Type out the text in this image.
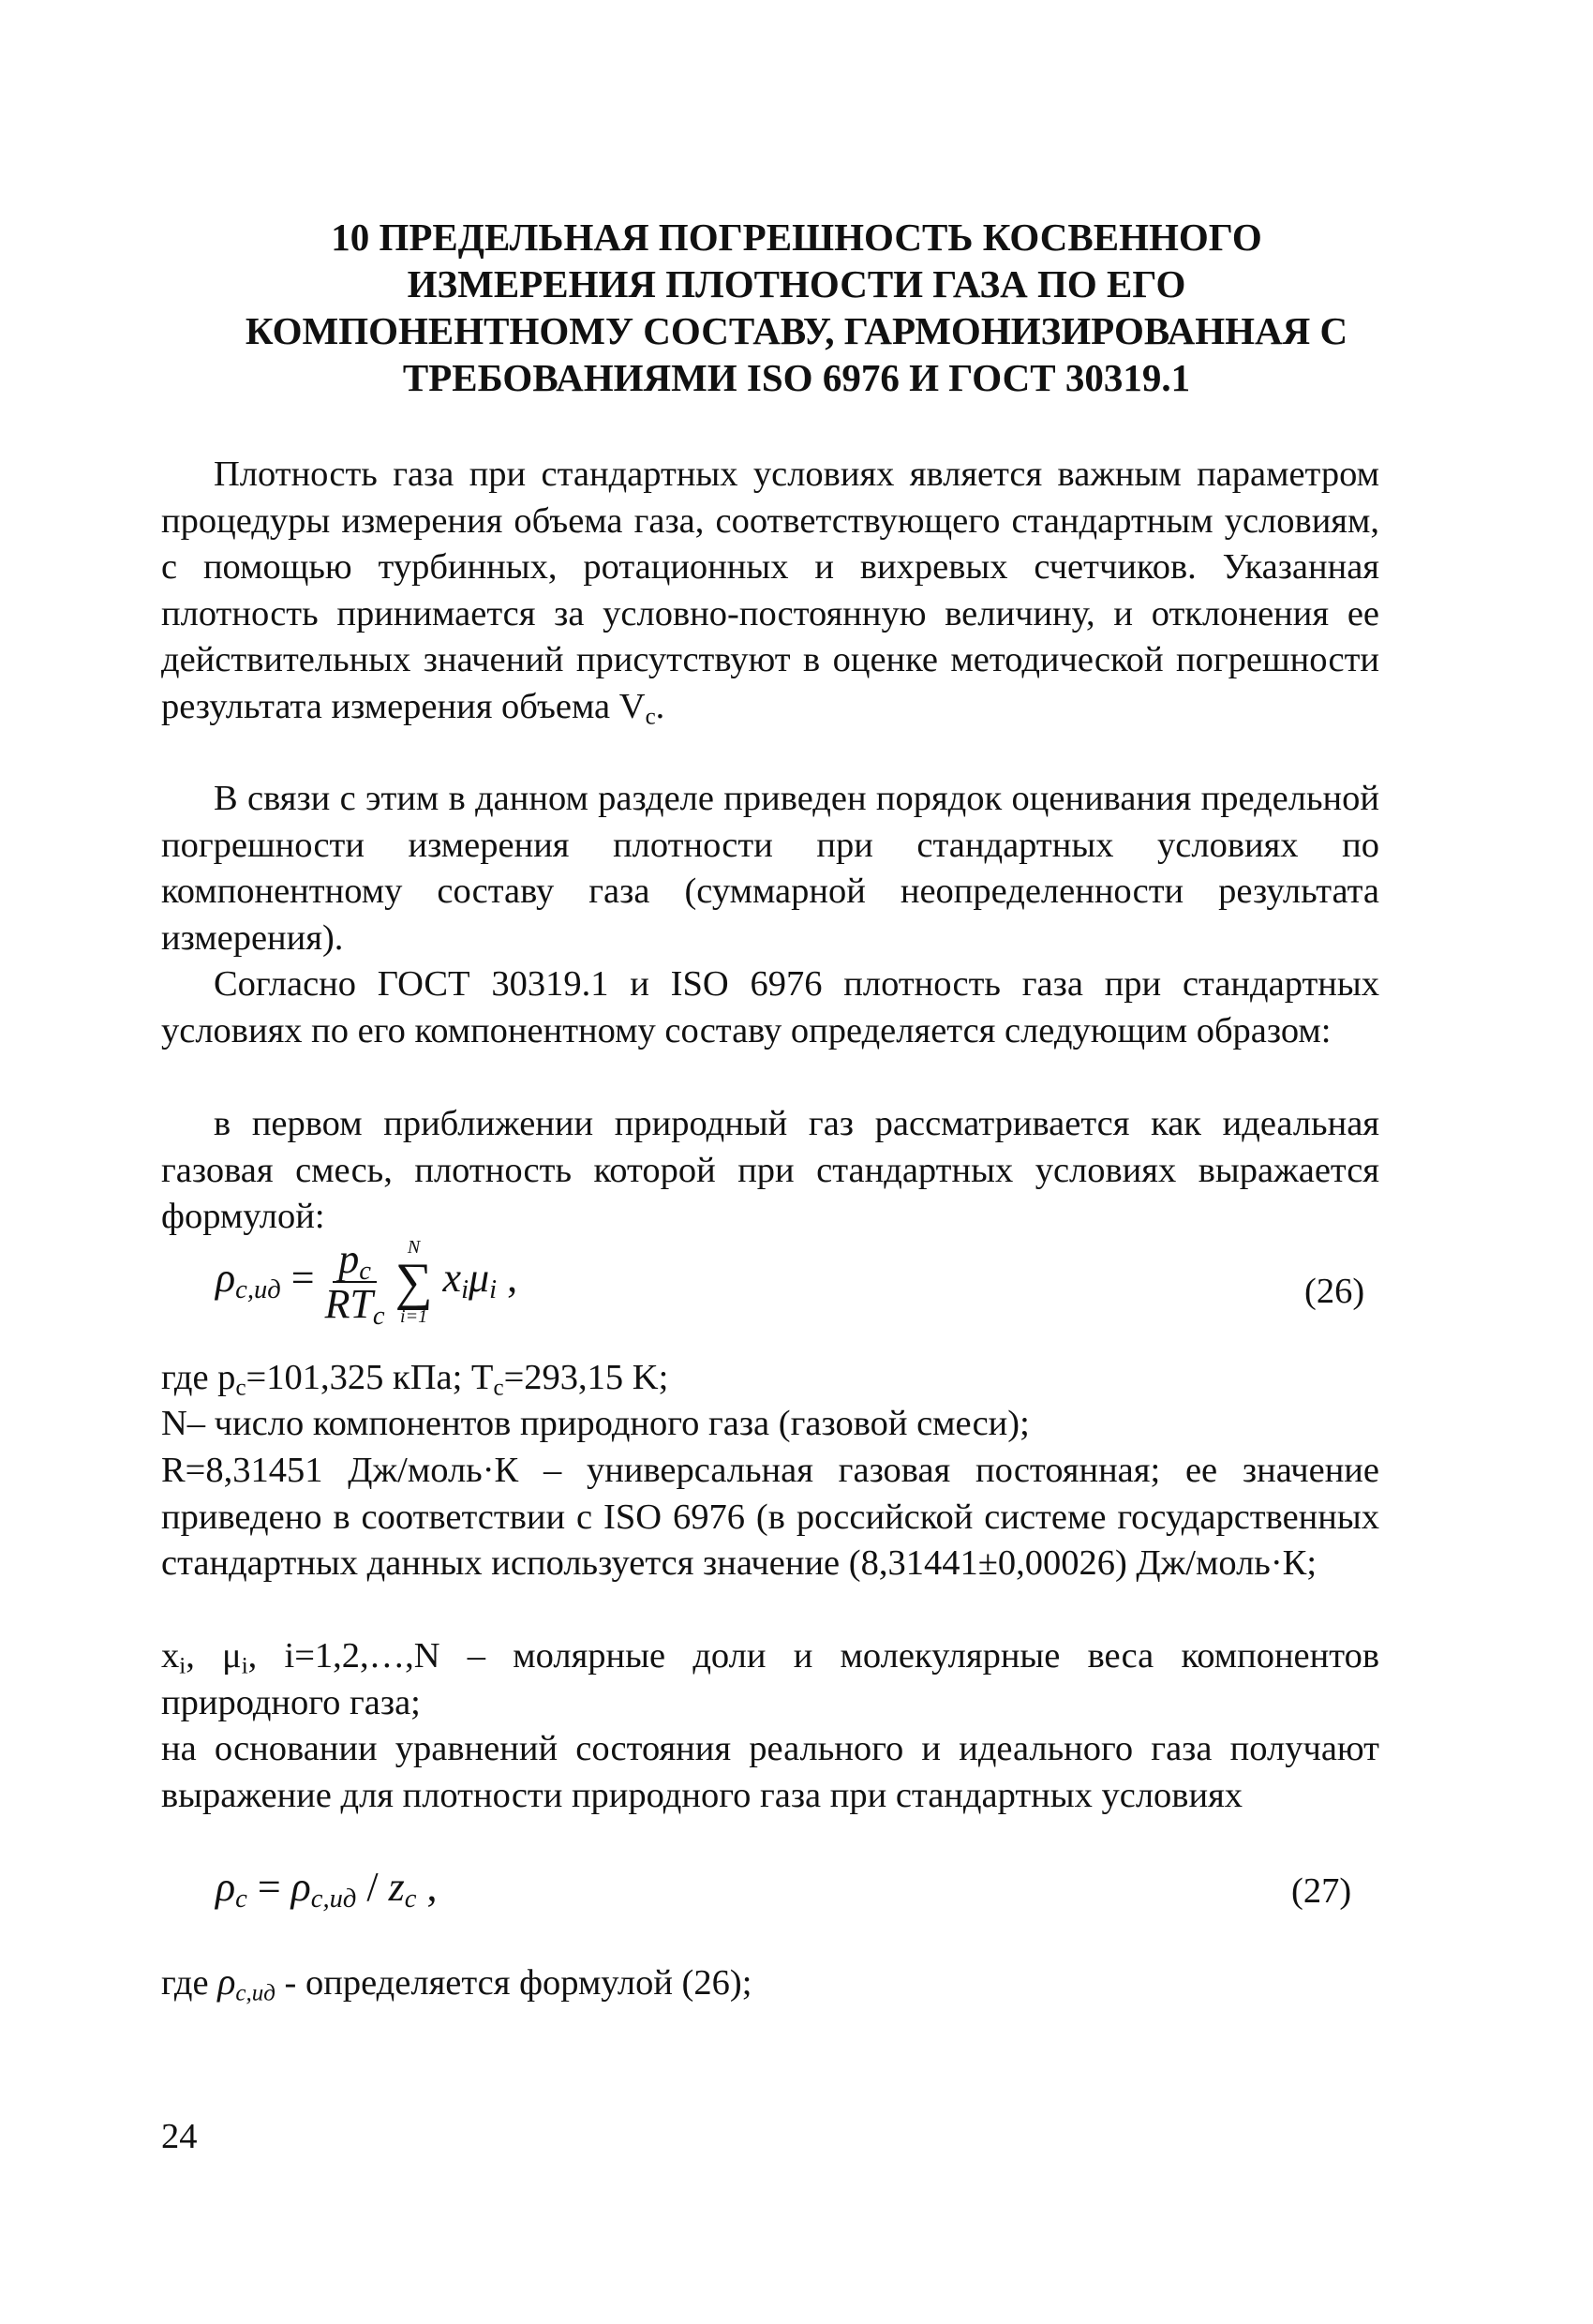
10 ПРЕДЕЛЬНАЯ ПОГРЕШНОСТЬ КОСВЕННОГО
ИЗМЕРЕНИЯ ПЛОТНОСТИ ГАЗА ПО ЕГО
КОМПОНЕНТНОМУ СОСТАВУ, ГАРМОНИЗИРОВАННАЯ С
ТРЕБОВАНИЯМИ ISO 6976 И ГОСТ 30319.1
Плотность газа при стандартных условиях является важным параметром процедуры измерения объема газа, соответствующего стандартным условиям, с помощью турбинных, ротационных и вихревых счетчиков. Указанная плотность принимается за условно-постоянную величину, и отклонения ее действительных значений присутствуют в оценке методической погрешности результата измерения объема $V_c$.
В связи с этим в данном разделе приведен порядок оценивания предельной погрешности измерения плотности при стандартных условиях по компонентному составу газа (суммарной неопределенности результата измерения).
Согласно ГОСТ 30319.1 и ISO 6976 плотность газа при стандартных условиях по его компонентному составу определяется следующим образом:
в первом приближении природный газ рассматривается как идеальная газовая смесь, плотность которой при стандартных условиях выражается формулой:
$\rho_{c,ид} = \frac{p_c}{RT_c}$
N
∑
i=1
$x_i\mu_i$ ,	(26)
где $p_c=101,325$ кПа; $T_c=293,15$ K;
N– число компонентов природного газа (газовой смеси);
R=8,31451 Дж/моль·К – универсальная газовая постоянная; ее значение приведено в соответствии с ISO 6976 (в российской системе государственных стандартных данных используется значение (8,31441±0,00026) Дж/моль·К;
$x_i$, $\mu_i$, i=1,2,…,N – молярные доли и молекулярные веса компонентов природного газа;
на основании уравнений состояния реального и идеального газа получают выражение для плотности природного газа при стандартных условиях
$\rho_c = \rho_{c,ид} / z_c$ ,	(27)
где $\rho_{c,ид}$ - определяется формулой (26);
24
